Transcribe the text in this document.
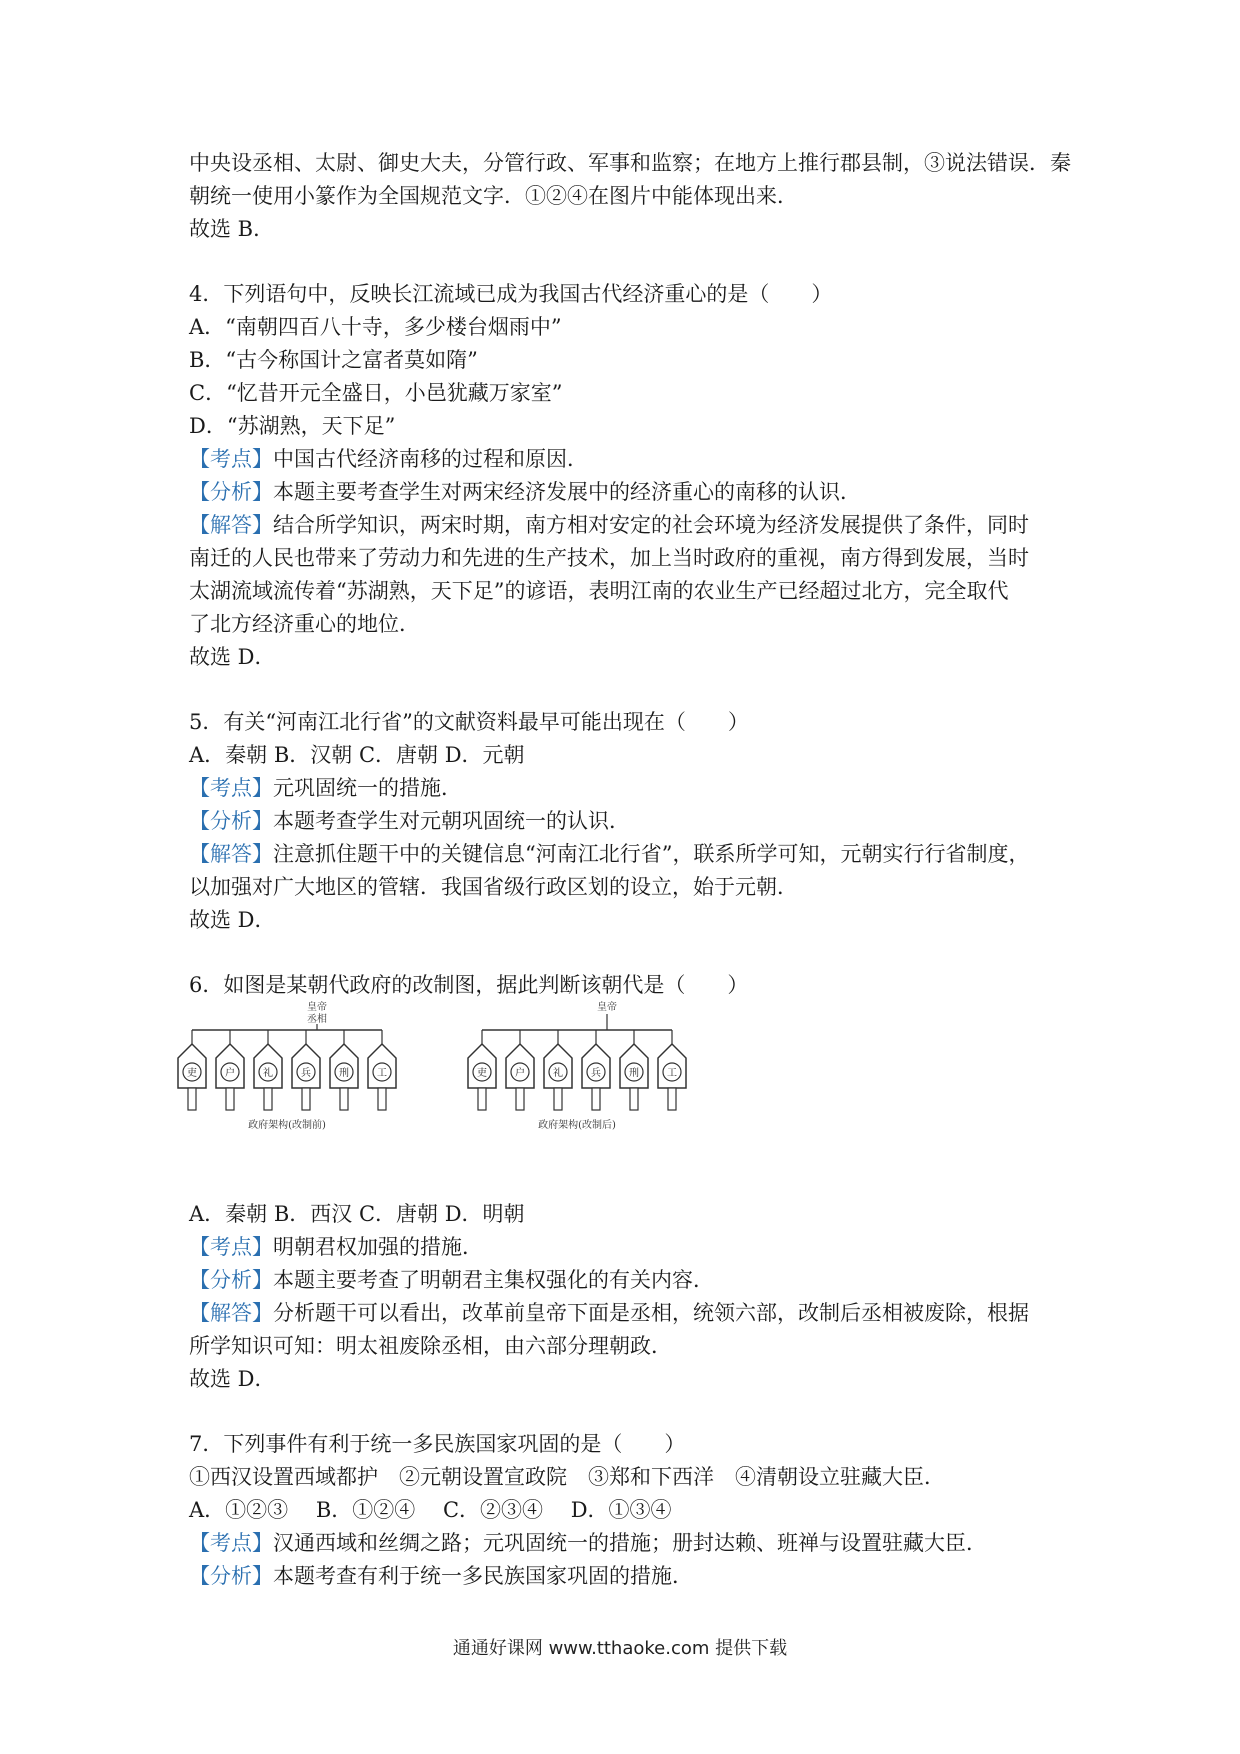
中央设丞相、太尉、御史大夫，分管行政、军事和监察；在地方上推行郡县制，③说法错误．秦
朝统一使用小篆作为全国规范文字．①②④在图片中能体现出来．
故选 B．
4．下列语句中，反映长江流域已成为我国古代经济重心的是（　　）
A．“南朝四百八十寺，多少楼台烟雨中”
B．“古今称国计之富者莫如隋”
C．“忆昔开元全盛日，小邑犹藏万家室”
D．“苏湖熟，天下足”
【考点】中国古代经济南移的过程和原因．
【分析】本题主要考查学生对两宋经济发展中的经济重心的南移的认识．
【解答】结合所学知识，两宋时期，南方相对安定的社会环境为经济发展提供了条件，同时
南迁的人民也带来了劳动力和先进的生产技术，加上当时政府的重视，南方得到发展，当时
太湖流域流传着“苏湖熟，天下足”的谚语，表明江南的农业生产已经超过北方，完全取代
了北方经济重心的地位．
故选 D．
5．有关“河南江北行省”的文献资料最早可能出现在（　　）
A．秦朝 B．汉朝 C．唐朝 D．元朝
【考点】元巩固统一的措施．
【分析】本题考查学生对元朝巩固统一的认识．
【解答】注意抓住题干中的关键信息“河南江北行省”，联系所学可知，元朝实行行省制度，
以加强对广大地区的管辖．我国省级行政区划的设立，始于元朝．
故选 D．
6．如图是某朝代政府的改制图，据此判断该朝代是（　　）
A．秦朝 B．西汉 C．唐朝 D．明朝
【考点】明朝君权加强的措施．
【分析】本题主要考查了明朝君主集权强化的有关内容．
【解答】分析题干可以看出，改革前皇帝下面是丞相，统领六部，改制后丞相被废除，根据
所学知识可知：明太祖废除丞相，由六部分理朝政．
故选 D．
7．下列事件有利于统一多民族国家巩固的是（　　）
①西汉设置西域都护　②元朝设置宣政院　③郑和下西洋　④清朝设立驻藏大臣．
A．①②③　 B．①②④　 C．②③④　 D．①③④
【考点】汉通西域和丝绸之路；元巩固统一的措施；册封达赖、班禅与设置驻藏大臣．
【分析】本题考查有利于统一多民族国家巩固的措施．
皇帝
丞相
吏	户	礼	兵	刑	工
政府架构(改制前)
皇帝
吏	户	礼	兵	刑	工
政府架构(改制后)
通通好课网 www.tthaoke.com 提供下载
